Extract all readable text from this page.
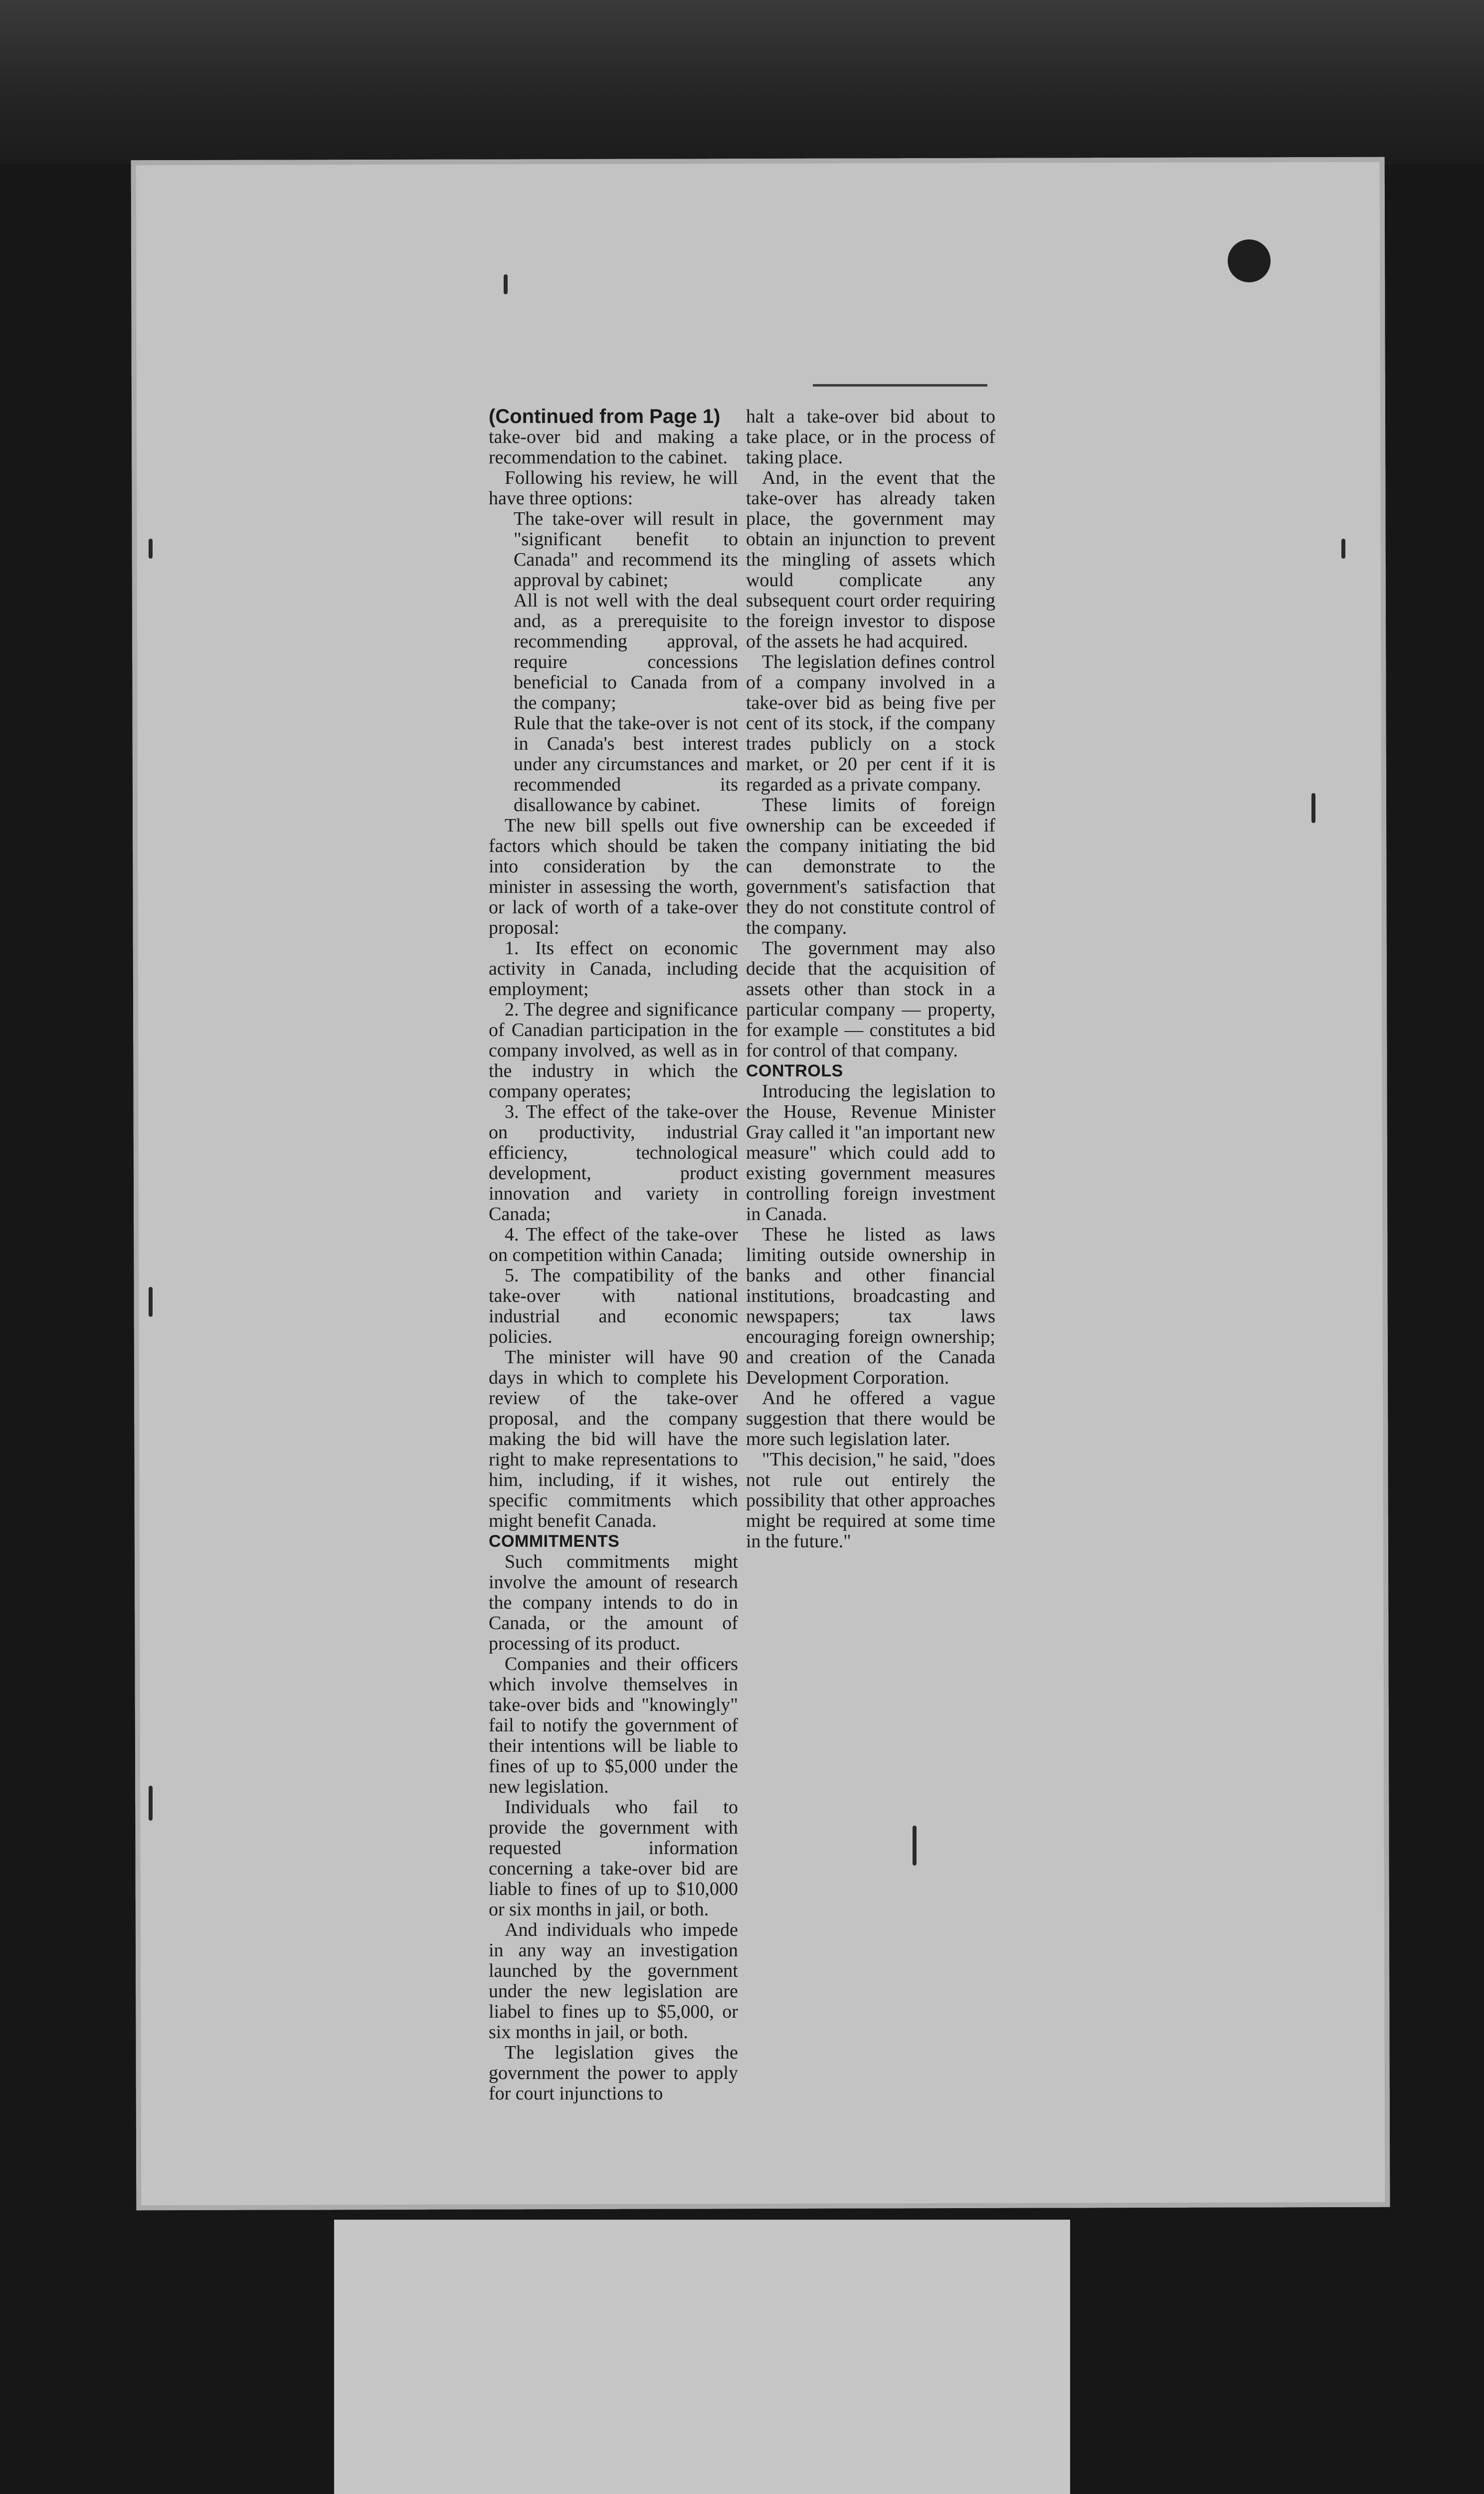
(Continued from Page 1)

take-over bid and making a recommendation to the cabinet.

Following his review, he will have three options:

The take-over will result in "significant benefit to Canada" and recommend its approval by cabinet;

All is not well with the deal and, as a prerequisite to recommending approval, require concessions beneficial to Canada from the company;

Rule that the take-over is not in Canada's best interest under any circumstances and recommended its disallowance by cabinet.

The new bill spells out five factors which should be taken into consideration by the minister in assessing the worth, or lack of worth of a take-over proposal:

1. Its effect on economic activity in Canada, including employment;

2. The degree and significance of Canadian participation in the company involved, as well as in the industry in which the company operates;

3. The effect of the take-over on productivity, industrial efficiency, technological development, product innovation and variety in Canada;

4. The effect of the take-over on competition within Canada;

5. The compatibility of the take-over with national industrial and economic policies.

The minister will have 90 days in which to complete his review of the take-over proposal, and the company making the bid will have the right to make representations to him, including, if it wishes, specific commitments which might benefit Canada.

COMMITMENTS

Such commitments might involve the amount of research the company intends to do in Canada, or the amount of processing of its product.

Companies and their officers which involve themselves in take-over bids and "knowingly" fail to notify the government of their intentions will be liable to fines of up to $5,000 under the new legislation.

Individuals who fail to provide the government with requested information concerning a take-over bid are liable to fines of up to $10,000 or six months in jail, or both.

And individuals who impede in any way an investigation launched by the government under the new legislation are liabel to fines up to $5,000, or six months in jail, or both.

The legislation gives the government the power to apply for court injunctions to

halt a take-over bid about to take place, or in the process of taking place.

And, in the event that the take-over has already taken place, the government may obtain an injunction to prevent the mingling of assets which would complicate any subsequent court order requiring the foreign investor to dispose of the assets he had acquired.

The legislation defines control of a company involved in a take-over bid as being five per cent of its stock, if the company trades publicly on a stock market, or 20 per cent if it is regarded as a private company.

These limits of foreign ownership can be exceeded if the company initiating the bid can demonstrate to the government's satisfaction that they do not constitute control of the company.

The government may also decide that the acquisition of assets other than stock in a particular company — property, for example — constitutes a bid for control of that company.

CONTROLS

Introducing the legislation to the House, Revenue Minister Gray called it "an important new measure" which could add to existing government measures controlling foreign investment in Canada.

These he listed as laws limiting outside ownership in banks and other financial institutions, broadcasting and newspapers; tax laws encouraging foreign ownership; and creation of the Canada Development Corporation.

And he offered a vague suggestion that there would be more such legislation later.

"This decision," he said, "does not rule out entirely the possibility that other approaches might be required at some time in the future."
